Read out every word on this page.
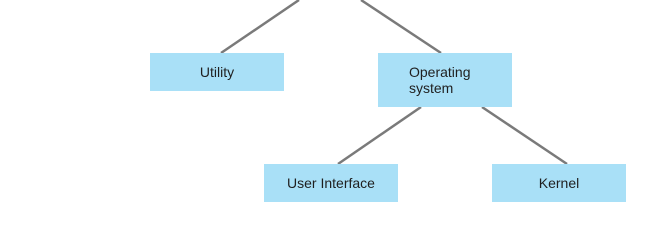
Utility	Operating
system
User Interface	Kernel
